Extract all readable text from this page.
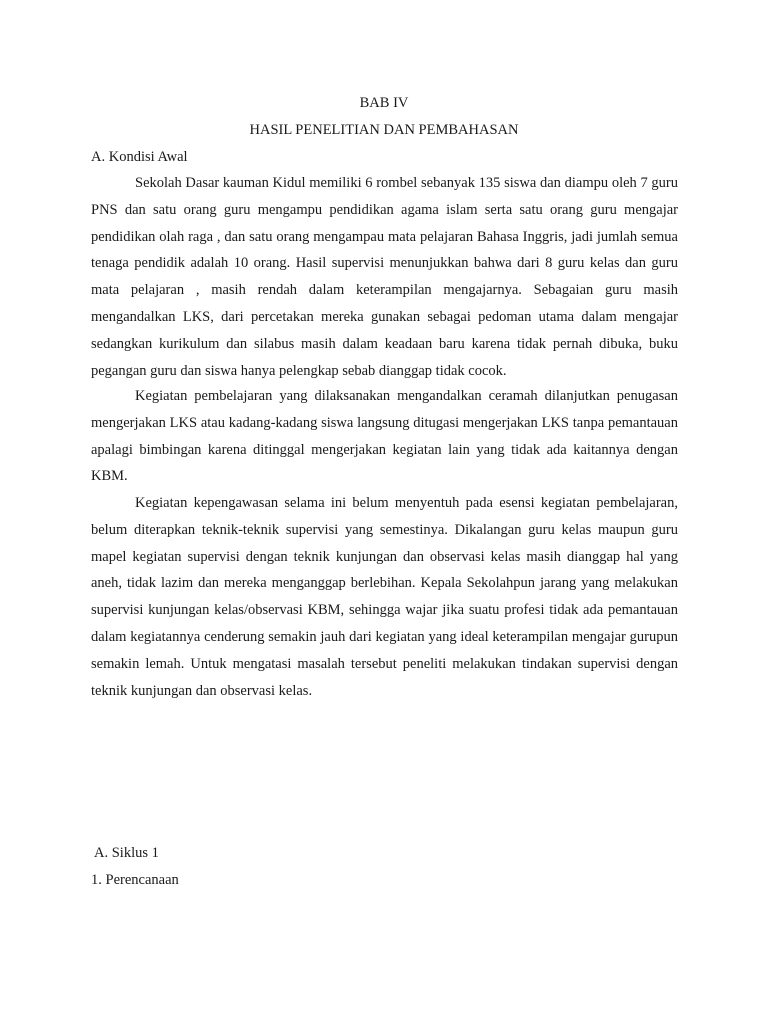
BAB IV
HASIL PENELITIAN DAN PEMBAHASAN
A. Kondisi Awal

Sekolah Dasar kauman Kidul memiliki 6 rombel sebanyak 135 siswa dan diampu oleh 7 guru PNS dan satu orang guru mengampu pendidikan agama islam serta satu orang guru mengajar pendidikan olah raga , dan satu orang mengampau mata pelajaran Bahasa Inggris, jadi jumlah semua tenaga pendidik adalah 10 orang. Hasil supervisi menunjukkan bahwa dari 8 guru kelas dan guru mata pelajaran , masih rendah dalam keterampilan mengajarnya. Sebagaian guru masih mengandalkan LKS, dari percetakan mereka gunakan sebagai pedoman utama dalam mengajar sedangkan kurikulum dan silabus masih dalam keadaan baru karena tidak pernah dibuka, buku pegangan guru dan siswa hanya pelengkap sebab dianggap tidak cocok.

Kegiatan pembelajaran yang dilaksanakan mengandalkan ceramah dilanjutkan penugasan mengerjakan LKS atau kadang-kadang siswa langsung ditugasi mengerjakan LKS tanpa pemantauan apalagi bimbingan karena ditinggal mengerjakan kegiatan lain yang tidak ada kaitannya dengan KBM.

Kegiatan kepengawasan selama ini belum menyentuh pada esensi kegiatan pembelajaran, belum diterapkan teknik-teknik supervisi yang semestinya. Dikalangan guru kelas maupun guru mapel kegiatan supervisi dengan teknik kunjungan dan observasi kelas masih dianggap hal yang aneh, tidak lazim dan mereka menganggap berlebihan. Kepala Sekolahpun jarang yang melakukan supervisi kunjungan kelas/observasi KBM, sehingga wajar jika suatu profesi tidak ada pemantauan dalam kegiatannya cenderung semakin jauh dari kegiatan yang ideal keterampilan mengajar gurupun semakin lemah. Untuk mengatasi masalah tersebut peneliti melakukan tindakan supervisi dengan teknik kunjungan dan observasi kelas.

A. Siklus 1
1. Perencanaan
